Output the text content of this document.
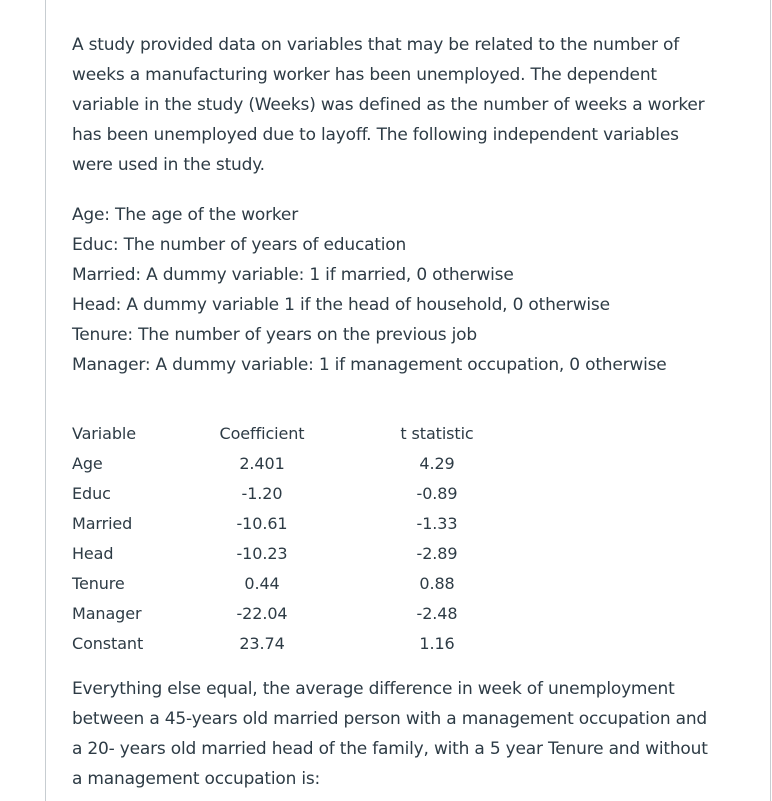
A study provided data on variables that may be related to the number of

weeks a manufacturing worker has been unemployed. The dependent

variable in the study (Weeks) was defined as the number of weeks a worker

has been unemployed due to layoff. The following independent variables

were used in the study.

Age: The age of the worker
Educ: The number of years of education
Married: A dummy variable: 1 if married, 0 otherwise
Head: A dummy variable 1 if the head of household, 0 otherwise
Tenure: The number of years on the previous job
Manager: A dummy variable: 1 if management occupation, 0 otherwise
Variable	Coefficient	t statistic
Age	2.401	4.29
Educ	-1.20	-0.89
Married	-10.61	-1.33
Head	-10.23	-2.89
Tenure	0.44	0.88
Manager	-22.04	-2.48
Constant	23.74	1.16

Everything else equal, the average difference in week of unemployment

between a 45-years old married person with a management occupation and

a 20- years old married head of the family, with a 5 year Tenure and without

a management occupation is:
